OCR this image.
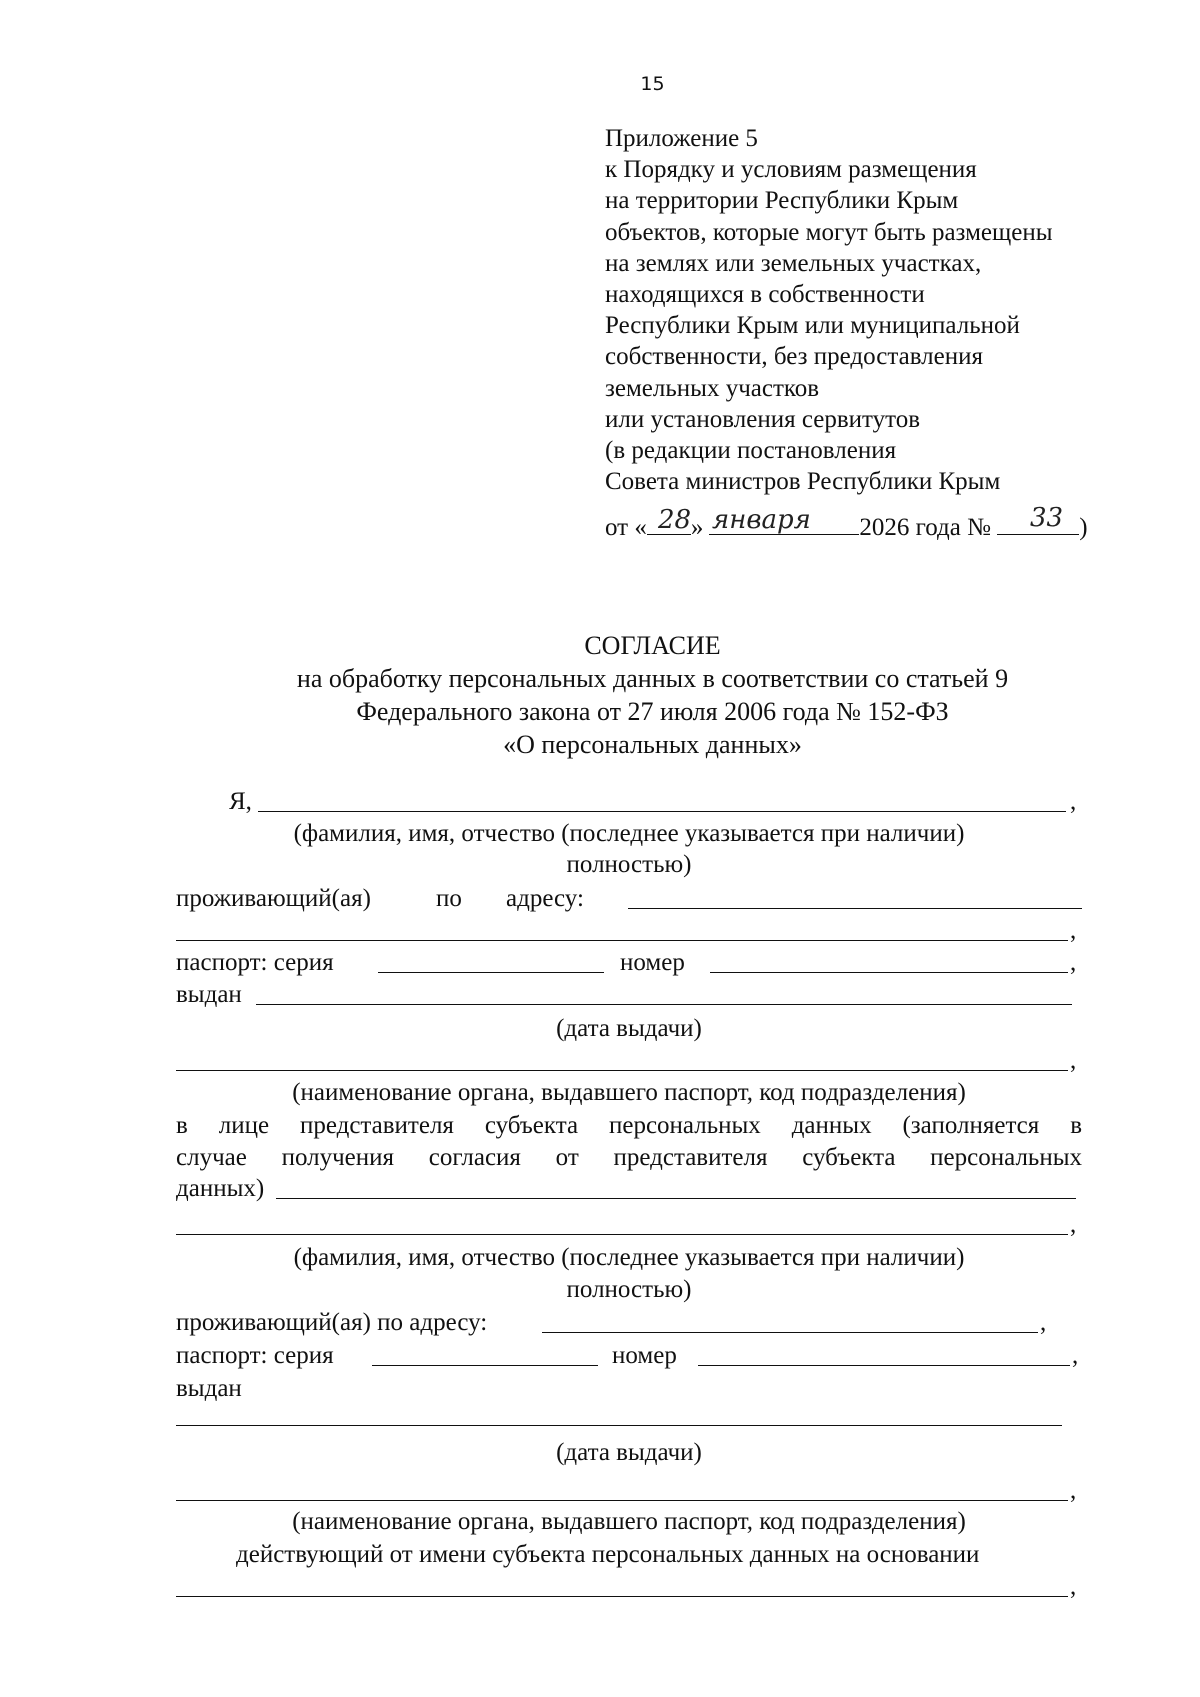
15
Приложение 5
к Порядку и условиям размещения
на территории Республики Крым
объектов, которые могут быть размещены
на землях или земельных участках,
находящихся в собственности
Республики Крым или муниципальной
собственности, без предоставления
земельных участков
или установления сервитутов
(в редакции постановления
Совета министров Республики Крым
от « »	2026 года №	)
28 января	33
СОГЛАСИЕ
на обработку персональных данных в соответствии со статьей 9
Федерального закона от 27 июля 2006 года № 152-ФЗ
«О персональных данных»
Я,	,
(фамилия, имя, отчество (последнее указывается при наличии)
полностью)
проживающий(ая)	по адресу:
,
паспорт: серия	номер	,
выдан
(дата выдачи)
,
(наименование органа, выдавшего паспорт, код подразделения)
в лице представителя субъекта персональных данных (заполняется в
случае получения согласия от представителя субъекта персональных
данных)
,
(фамилия, имя, отчество (последнее указывается при наличии)
полностью)
проживающий(ая) по адресу:	,
паспорт: серия	номер	,
выдан
(дата выдачи)
,
(наименование органа, выдавшего паспорт, код подразделения)
действующий от имени субъекта персональных данных на основании
,
